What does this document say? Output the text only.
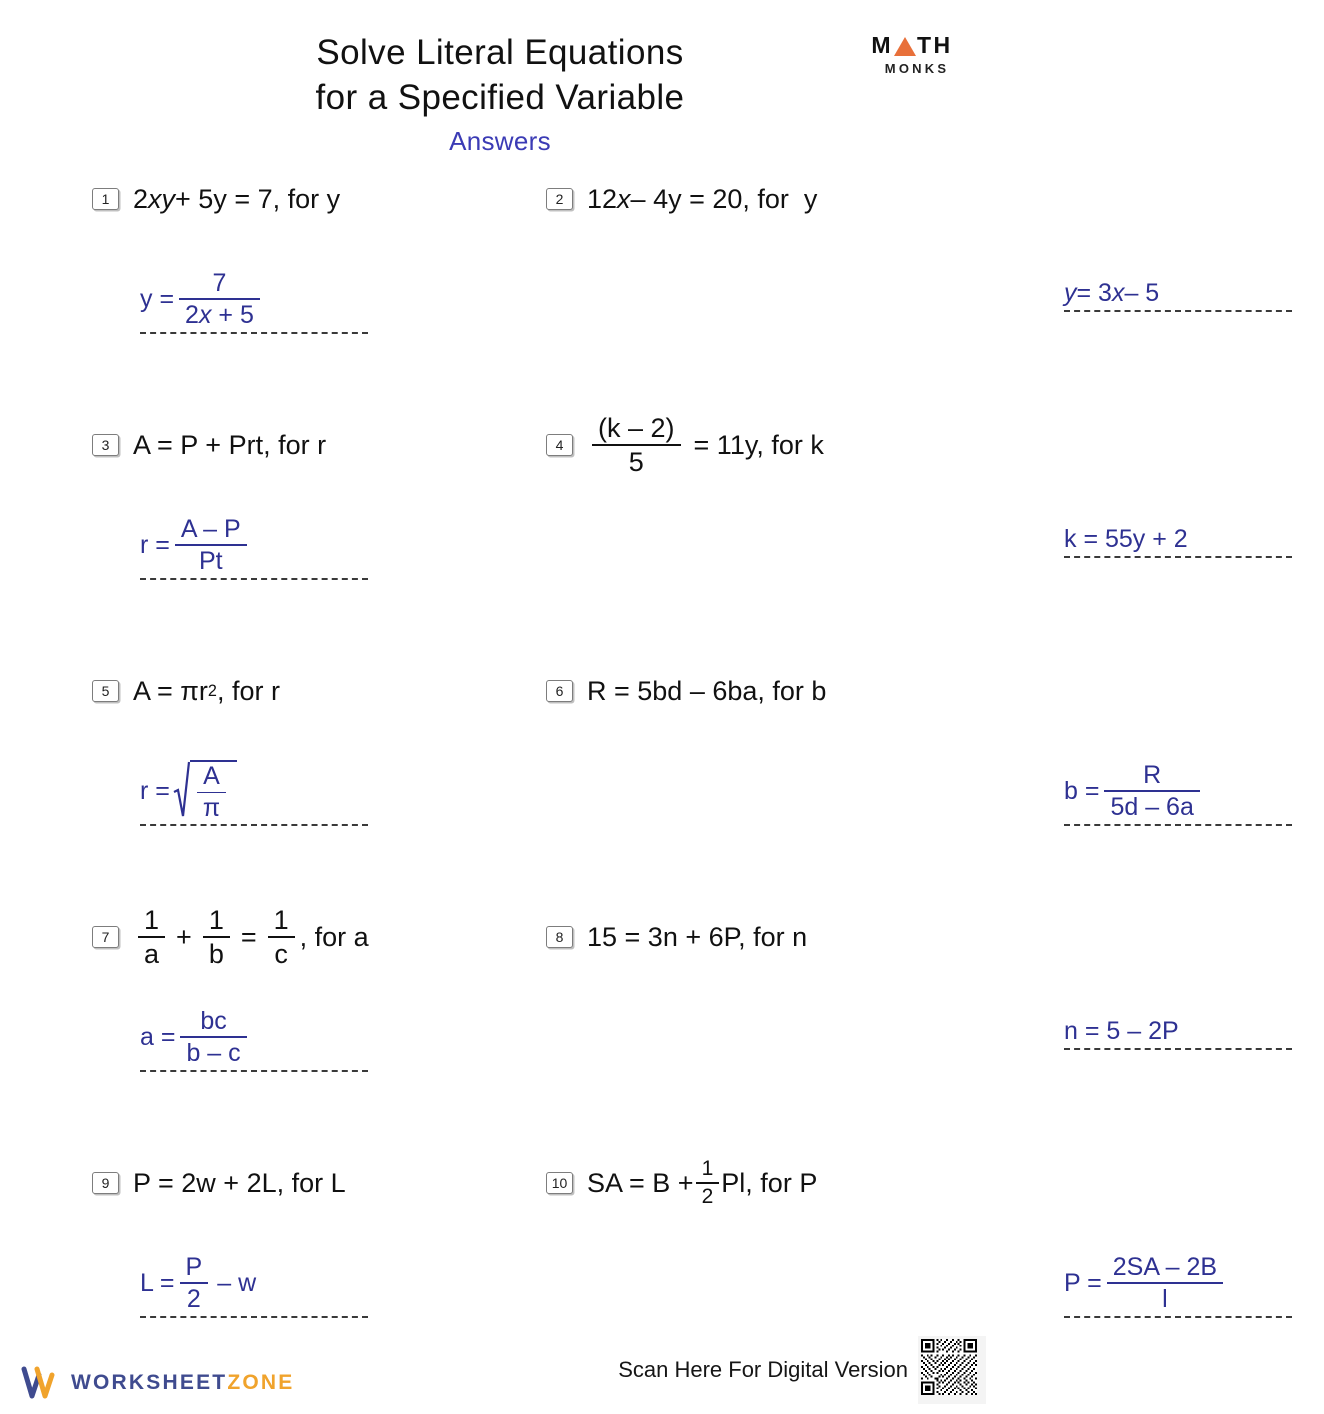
Solve Literal Equations
for a Specified Variable
Answers
M TH
MONKS
1 2 xy + 5y = 7, for y
$y = \frac{7}{2x + 5}$
2 12 x – 4y = 20, for  y
y = 3 x – 5
3 A = P + Prt, for r
$r = \frac{A - P}{Pt}$
4	$\frac{(k - 2)}{5} = 11y$, for k
k = 55y + 2
5 A = πr 2 , for r
$r = \frac{A}{\pi}$
6 R = 5bd – 6ba, for b
$b = \frac{R}{5d - 6a}$
7	$\frac{1}{a} + \frac{1}{b} = \frac{1}{c}$ , for a
$a = \frac{bc}{b - c}$
8 15 = 3n + 6P, for n
n = 5 – 2P
9 P = 2w + 2L, for L
$L = \frac{P}{2} - w$
10 SA = $B + \frac{1}{2} Pl$, for P
$P = \frac{2SA - 2B}{l}$
WORKSHEETZONE
Scan Here For Digital Version
